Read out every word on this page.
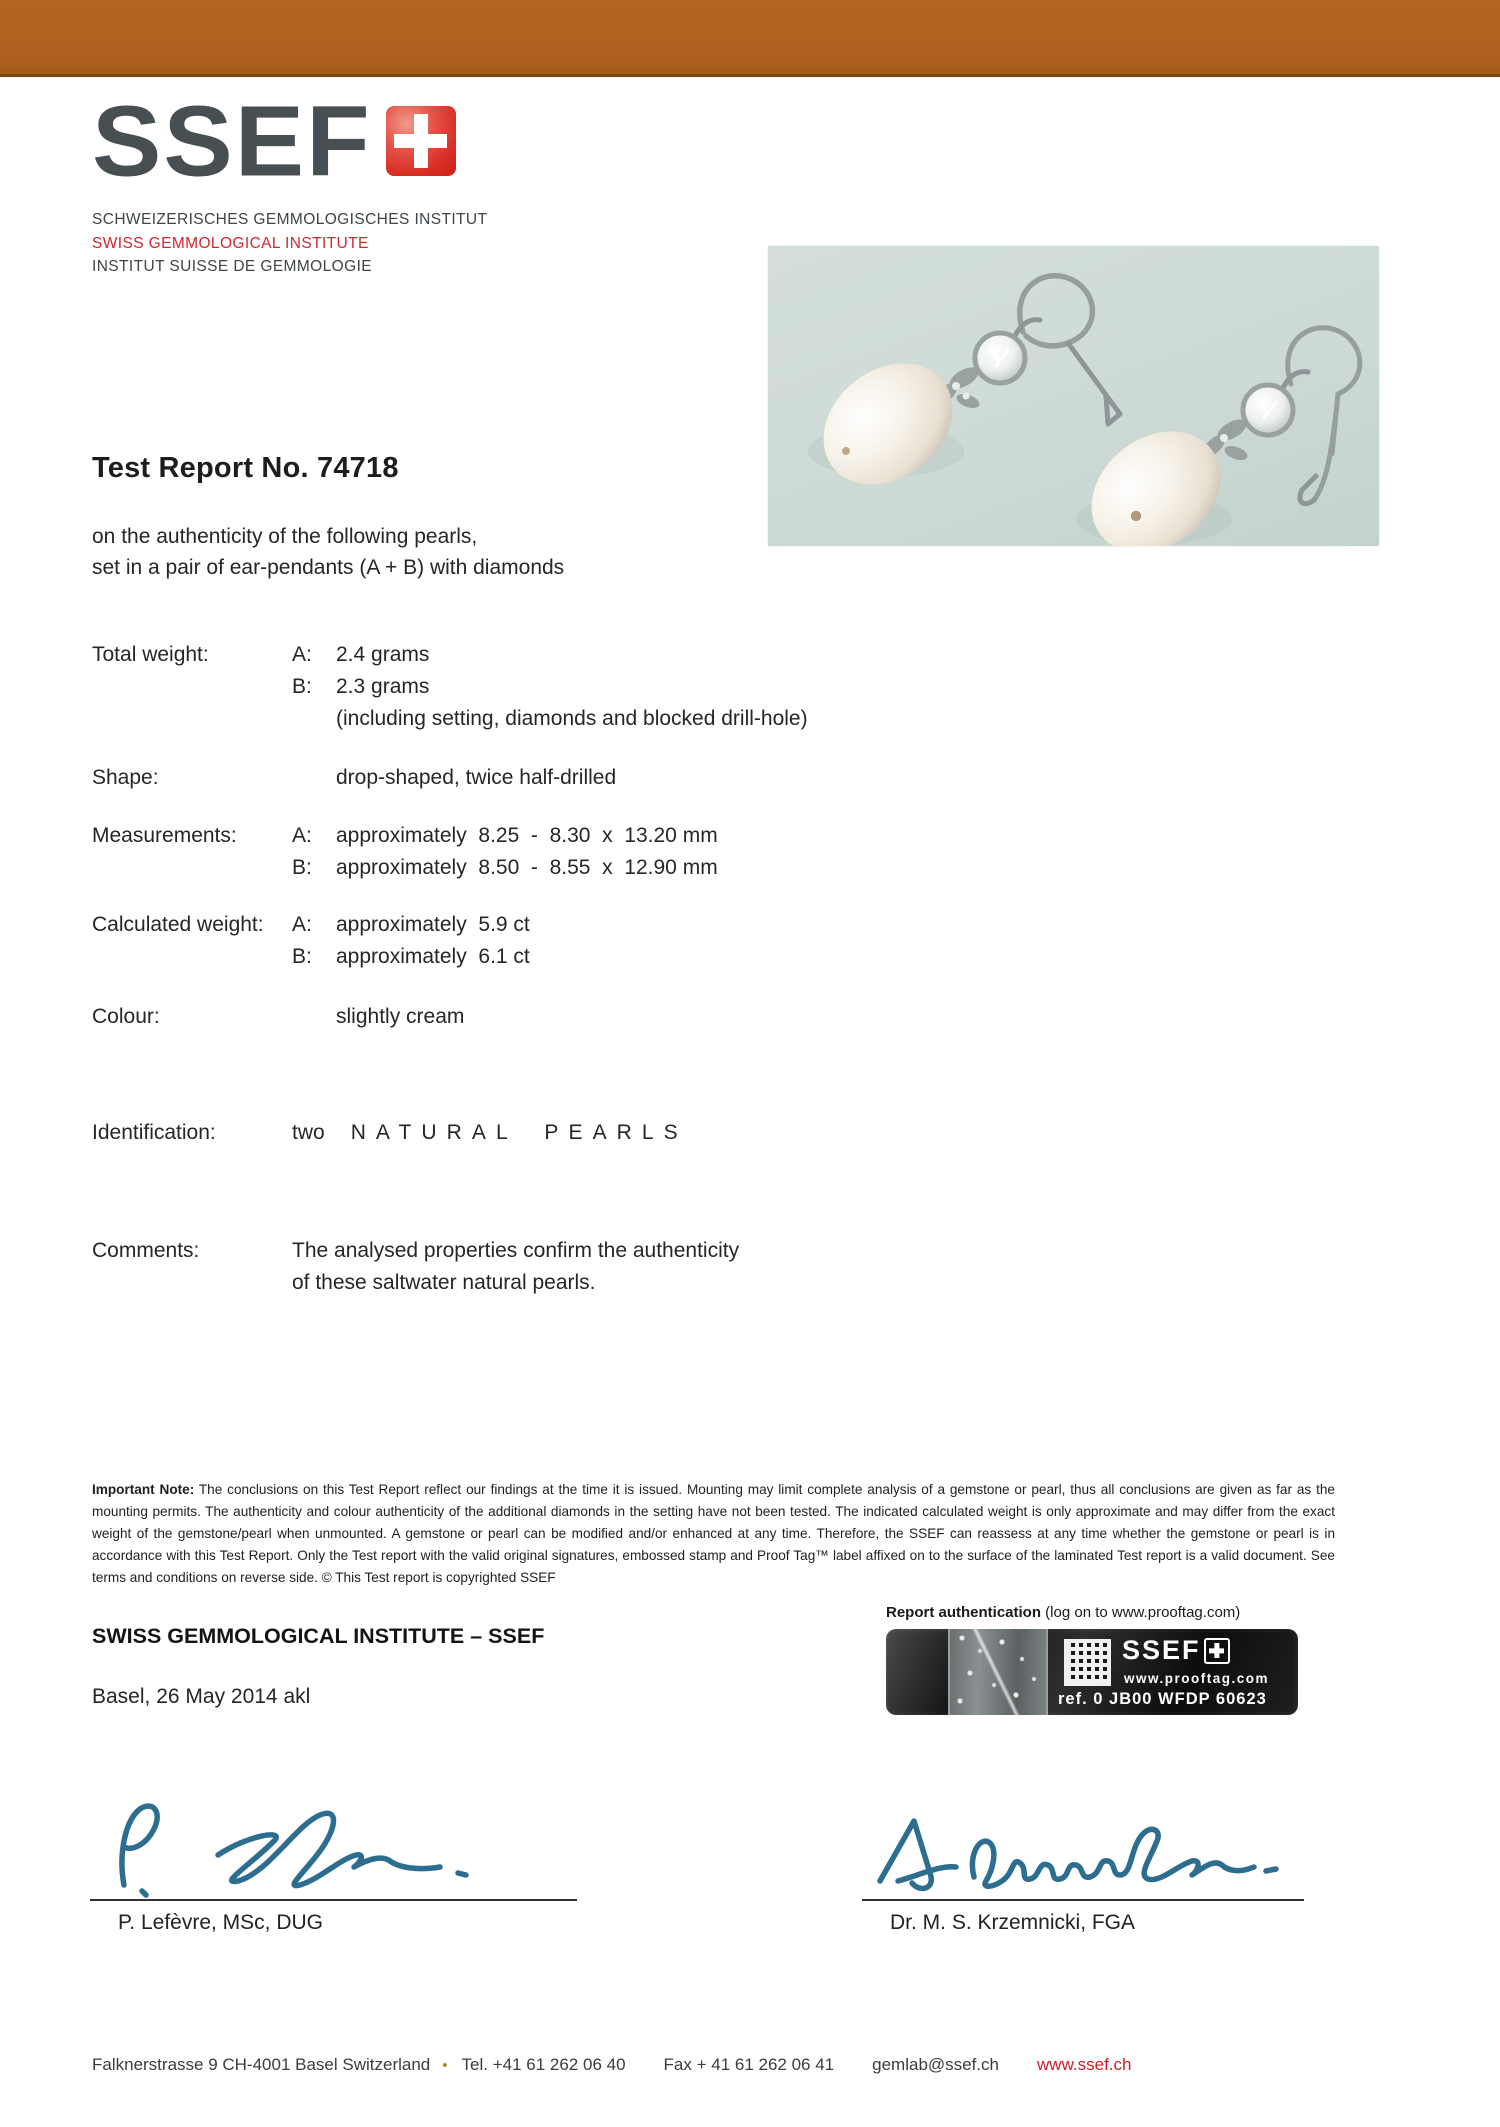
SSEF
SCHWEIZERISCHES GEMMOLOGISCHES INSTITUT
SWISS GEMMOLOGICAL INSTITUTE
INSTITUT SUISSE DE GEMMOLOGIE
Test Report No. 74718
on the authenticity of the following pearls,
set in a pair of ear-pendants (A + B) with diamonds
Total weight:	A:	2.4 grams
B:	2.3 grams
(including setting, diamonds and blocked drill-hole)
Shape:	drop-shaped, twice half-drilled
Measurements:	A:	approximately  8.25  -  8.30  x  13.20 mm
B:	approximately  8.50  -  8.55  x  12.90 mm
Calculated weight:	A:	approximately  5.9 ct
B:	approximately  6.1 ct
Colour:	slightly cream
Identification:	two NATURAL PEARLS
Comments:	The analysed properties confirm the authenticity
of these saltwater natural pearls.
Important Note: The conclusions on this Test Report reflect our findings at the time it is issued. Mounting may limit complete analysis of a gemstone or pearl, thus all conclusions are given as far as the mounting permits. The authenticity and colour authenticity of the additional diamonds in the setting have not been tested. The indicated calculated weight is only approximate and may differ from the exact weight of the gemstone/pearl when unmounted. A gemstone or pearl can be modified and/or enhanced at any time. Therefore, the SSEF can reassess at any time whether the gemstone or pearl is in accordance with this Test Report. Only the Test report with the valid original signatures, embossed stamp and Proof Tag™ label affixed on to the surface of the laminated Test report is a valid document. See terms and conditions on reverse side. © This Test report is copyrighted SSEF
SWISS GEMMOLOGICAL INSTITUTE – SSEF
Report authentication (log on to www.prooftag.com)
SSEF
www.prooftag.com
ref. 0 JB00 WFDP 60623
Basel, 26 May 2014 akl
P. Lefèvre, MSc, DUG	Dr. M. S. Krzemnicki, FGA
Falknerstrasse 9 CH-4001 Basel Switzerland • Tel. +41 61 262 06 40 Fax + 41 61 262 06 41 gemlab@ssef.ch www.ssef.ch
